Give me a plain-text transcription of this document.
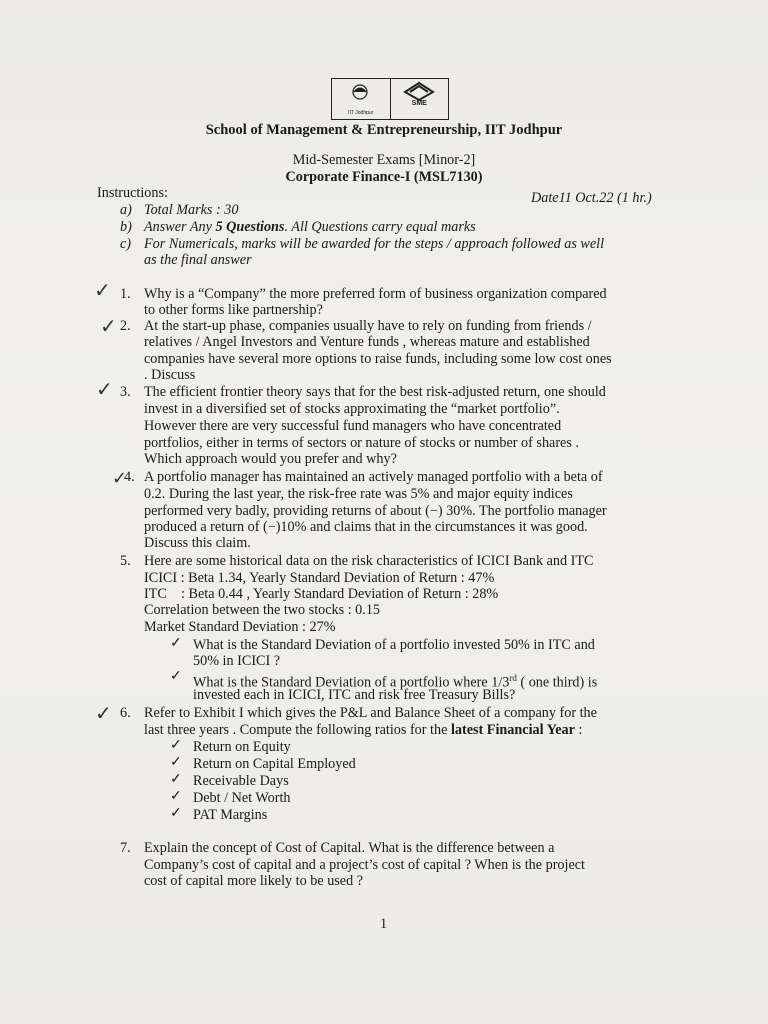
IIT Jodhpur
SME
School of Management & Entrepreneurship, IIT Jodhpur
Mid-Semester Exams [Minor-2]
Corporate Finance-I (MSL7130)
Instructions:	Date11 Oct.22 (1 hr.)
a) Total Marks : 30
b) Answer Any 5 Questions. All Questions carry equal marks
c) For Numericals, marks will be awarded for the steps / approach followed as well
as the final answer
✓
✓
✓
✓
✓
1. Why is a “Company” the more preferred form of business organization compared
to other forms like partnership?
2. At the start-up phase, companies usually have to rely on funding from friends /
relatives / Angel Investors and Venture funds , whereas mature and established
companies have several more options to raise funds, including some low cost ones
. Discuss
3. The efficient frontier theory says that for the best risk-adjusted return, one should
invest in a diversified set of stocks approximating the “market portfolio”.
However there are very successful fund managers who have concentrated
portfolios, either in terms of sectors or nature of stocks or number of shares .
Which approach would you prefer and why?
4. A portfolio manager has maintained an actively managed portfolio with a beta of
0.2. During the last year, the risk-free rate was 5% and major equity indices
performed very badly, providing returns of about (−) 30%. The portfolio manager
produced a return of (−)10% and claims that in the circumstances it was good.
Discuss this claim.
5. Here are some historical data on the risk characteristics of ICICI Bank and ITC
ICICI : Beta 1.34, Yearly Standard Deviation of Return : 47%
ITC    : Beta 0.44 , Yearly Standard Deviation of Return : 28%
Correlation between the two stocks : 0.15
Market Standard Deviation : 27%
✓ What is the Standard Deviation of a portfolio invested 50% in ITC and
50% in ICICI ?
✓ What is the Standard Deviation of a portfolio where 1/3rd ( one third) is
invested each in ICICI, ITC and risk free Treasury Bills?
6. Refer to Exhibit I which gives the P&L and Balance Sheet of a company for the
last three years . Compute the following ratios for the latest Financial Year :
✓ Return on Equity
✓ Return on Capital Employed
✓ Receivable Days
✓ Debt / Net Worth
✓ PAT Margins
7. Explain the concept of Cost of Capital. What is the difference between a
Company’s cost of capital and a project’s cost of capital ? When is the project
cost of capital more likely to be used ?
1
